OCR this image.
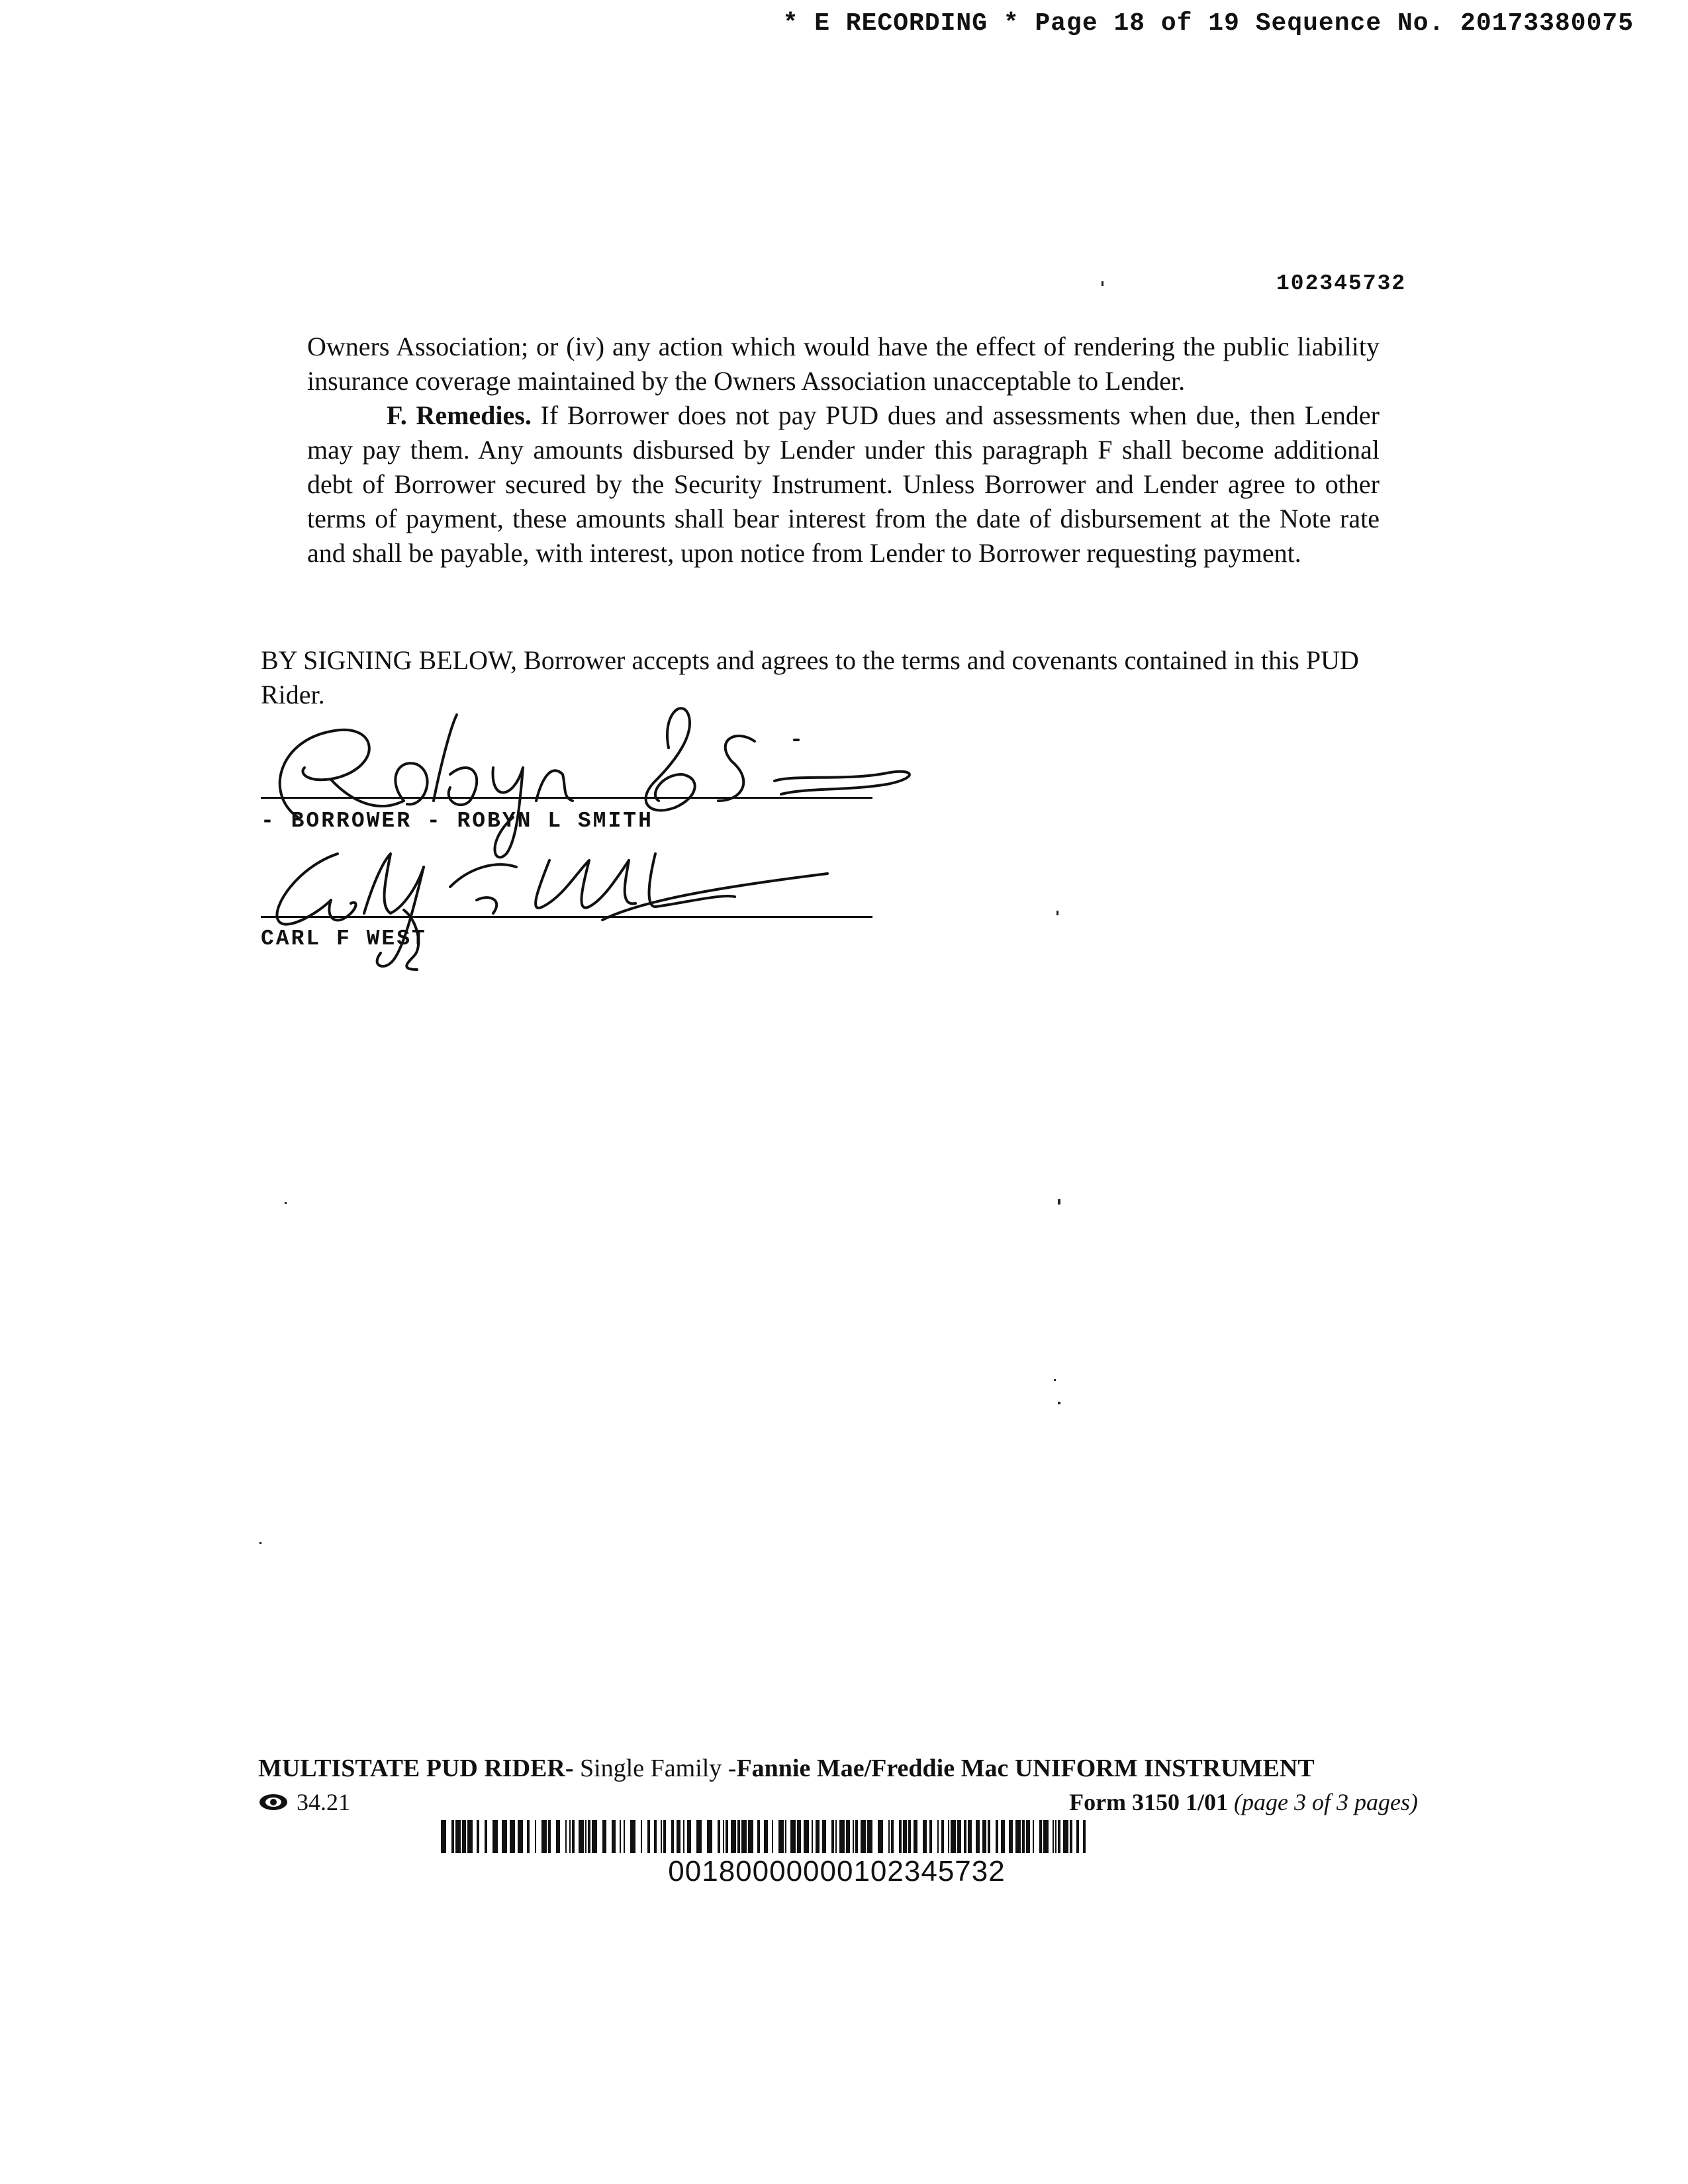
* E RECORDING * Page 18 of 19 Sequence No. 20173380075
102345732

Owners Association; or (iv) any action which would have the effect of rendering the public liability insurance coverage maintained by the Owners Association unacceptable to Lender.

F. Remedies. If Borrower does not pay PUD dues and assessments when due, then Lender may pay them. Any amounts disbursed by Lender under this paragraph F shall become additional debt of Borrower secured by the Security Instrument. Unless Borrower and Lender agree to other terms of payment, these amounts shall bear interest from the date of disbursement at the Note rate and shall be payable, with interest, upon notice from Lender to Borrower requesting payment.

BY SIGNING BELOW, Borrower accepts and agrees to the terms and covenants contained in this PUD Rider.
- BORROWER - ROBYN L SMITH
CARL F WEST
MULTISTATE PUD RIDER- Single Family -Fannie Mae/Freddie Mac UNIFORM INSTRUMENT
34.21	Form 3150 1/01 (page 3 of 3 pages)
00180000000102345732
